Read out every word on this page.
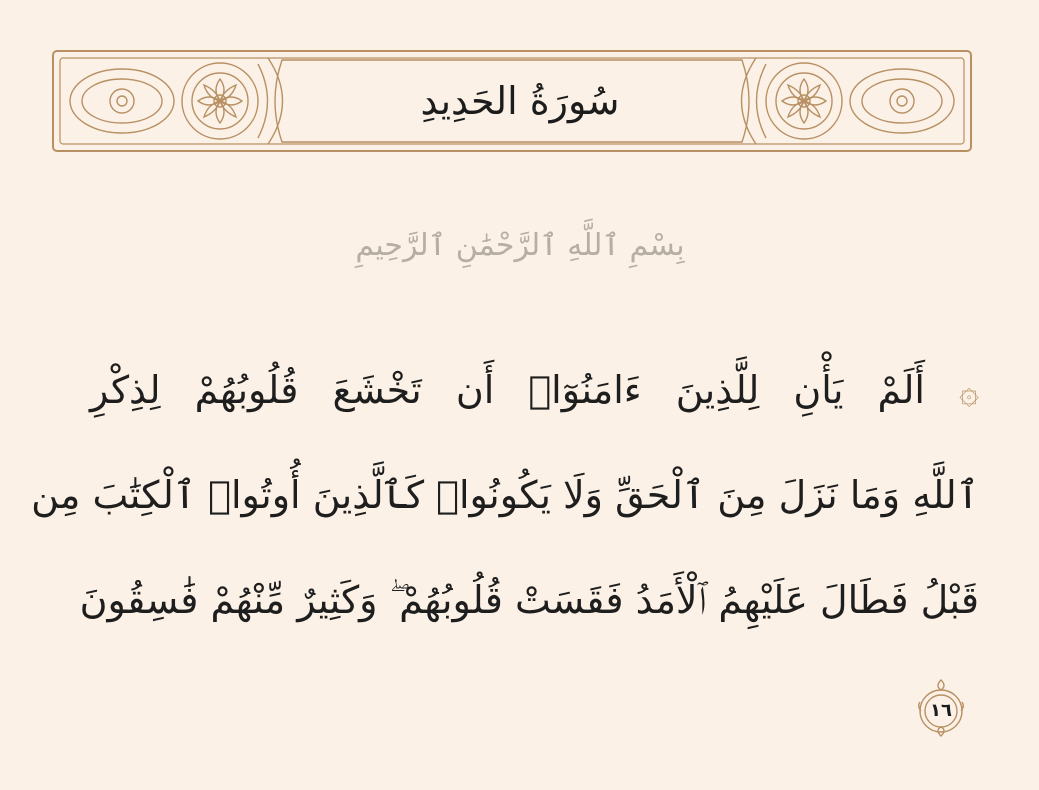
سُورَةُ الحَدِيدِ
بِسْمِ ٱللَّهِ ٱلرَّحْمَٰنِ ٱلرَّحِيمِ
۞ أَلَمْ يَأْنِ لِلَّذِينَ ءَامَنُوٓا۟ أَن تَخْشَعَ قُلُوبُهُمْ لِذِكْرِ
ٱللَّهِ وَمَا نَزَلَ مِنَ ٱلْحَقِّ وَلَا يَكُونُوا۟ كَٱلَّذِينَ أُوتُوا۟ ٱلْكِتَٰبَ مِن
قَبْلُ فَطَالَ عَلَيْهِمُ ٱلْأَمَدُ فَقَسَتْ قُلُوبُهُمْ ۖ وَكَثِيرٌ مِّنْهُمْ فَٰسِقُونَ
١٦
